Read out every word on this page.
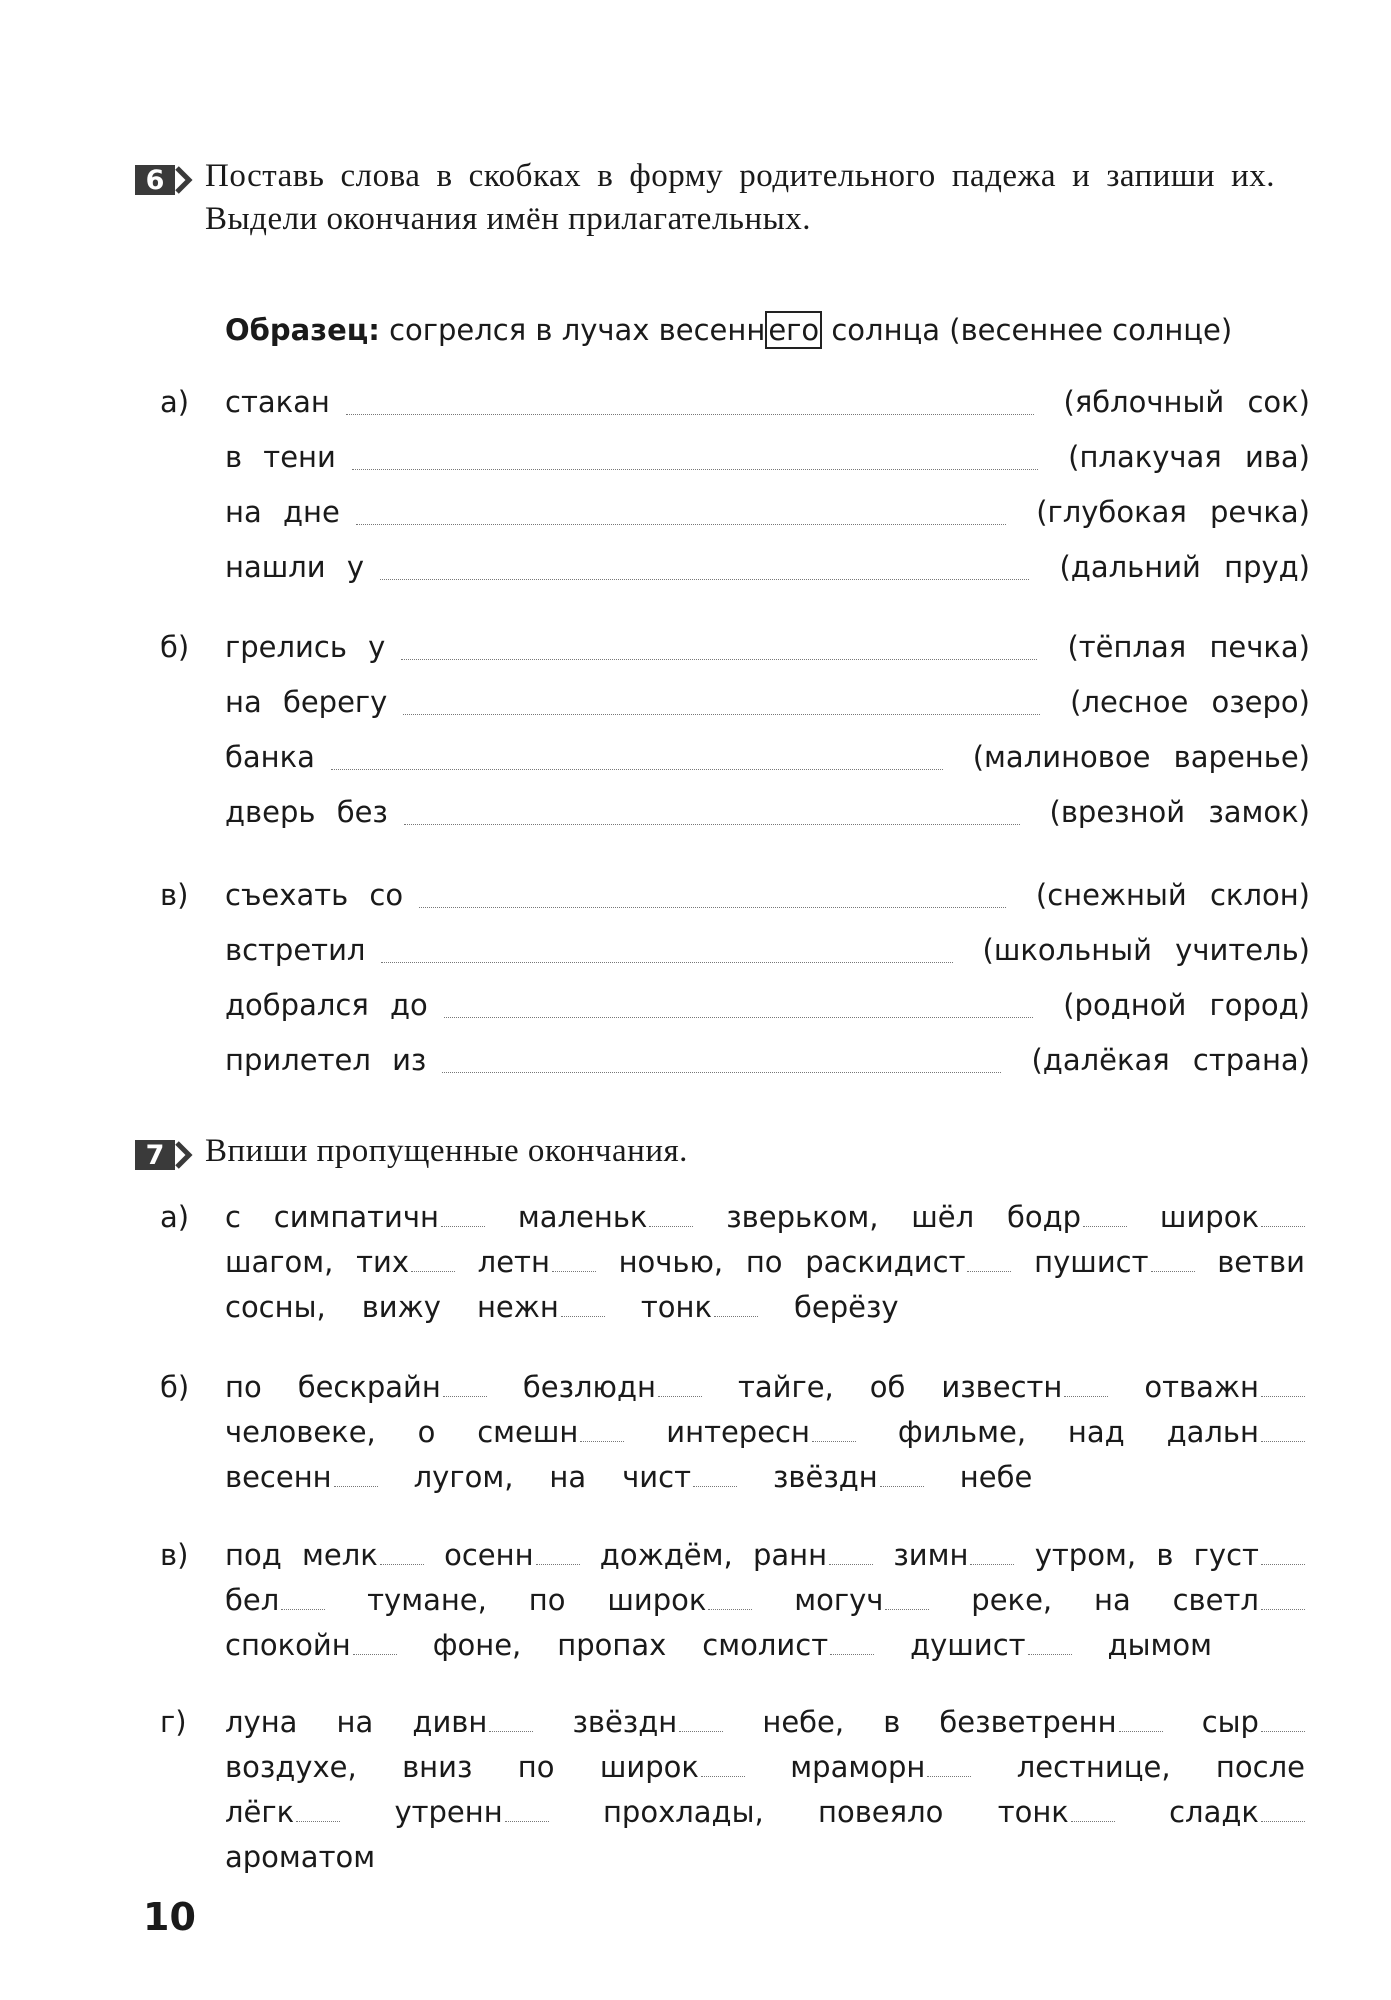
6 Поставь слова в скобках в форму родительного падежа и запиши их. Выдели окончания имён прилагательных.
Образец: согрелся в лучах весенн его солнца (весеннее солнце)
а)	стакан	(яблочный сок)
в тени	(плакучая ива)
на дне	(глубокая речка)
нашли у	(дальний пруд)
б)	грелись у	(тёплая печка)
на берегу	(лесное озеро)
банка	(малиновое варенье)
дверь без	(врезной замок)
в)	съехать со	(снежный склон)
встретил	(школьный учитель)
добрался до	(родной город)
прилетел из	(далёкая страна)
7 Впиши пропущенные окончания.
а)	с симпатичн	маленьк	зверьком, шёл бодр	широк
шагом, тих	летн	ночью, по раскидист	пушист	ветви
сосны, вижу нежн	тонк	берёзу
б)	по бескрайн	безлюдн	тайге, об известн	отважн
человеке, о смешн	интересн	фильме, над дальн
весенн	лугом, на чист	звёздн	небе
в)	под мелк	осенн	дождём, ранн	зимн	утром, в густ
бел	тумане, по широк	могуч	реке, на светл
спокойн	фоне, пропах смолист	душист	дымом
г)	луна на дивн	звёздн	небе, в безветренн	сыр
воздухе, вниз по широк	мраморн	лестнице, после
лёгк	утренн	прохлады, повеяло тонк	сладк
ароматом
10
